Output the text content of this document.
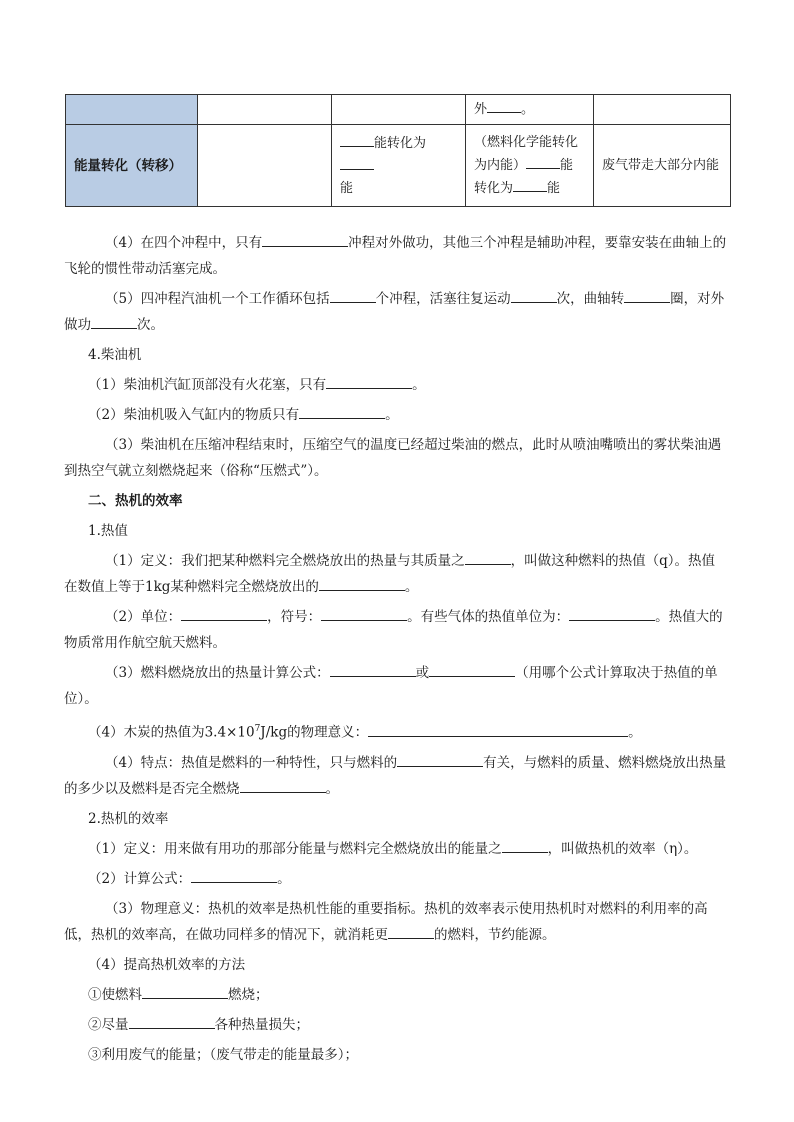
			外 。	
能量转化（转移）		能转化为
能	（燃料化学能转化为内能） 能转化为 能	废气带走大部分内能

（4）在四个冲程中，只有	冲程对外做功，其他三个冲程是辅助冲程，要靠安装在曲轴上的飞轮的惯性带动活塞完成。

（5）四冲程汽油机一个工作循环包括	个冲程，活塞往复运动	次，曲轴转	圈，对外做功	次。

4.柴油机

（1）柴油机汽缸顶部没有火花塞，只有	。

（2）柴油机吸入气缸内的物质只有	。

（3）柴油机在压缩冲程结束时，压缩空气的温度已经超过柴油的燃点，此时从喷油嘴喷出的雾状柴油遇到热空气就立刻燃烧起来（俗称“压燃式”）。

二、热机的效率

1.热值

（1）定义：我们把某种燃料完全燃烧放出的热量与其质量之	，叫做这种燃料的热值（q）。热值在数值上等于1kg某种燃料完全燃烧放出的	。

（2）单位：	，符号：	。有些气体的热值单位为：	。热值大的物质常用作航空航天燃料。

（3）燃料燃烧放出的热量计算公式：	或	（用哪个公式计算取决于热值的单位）。

（4）木炭的热值为$3.4\times 10^7J/kg$的物理意义：	。

（4）特点：热值是燃料的一种特性，只与燃料的	有关，与燃料的质量、燃料燃烧放出热量的多少以及燃料是否完全燃烧	。

2.热机的效率

（1）定义：用来做有用功的那部分能量与燃料完全燃烧放出的能量之	，叫做热机的效率（η）。

（2）计算公式：	。

（3）物理意义：热机的效率是热机性能的重要指标。热机的效率表示使用热机时对燃料的利用率的高低，热机的效率高，在做功同样多的情况下，就消耗更	的燃料，节约能源。

（4）提高热机效率的方法

①使燃料	燃烧；

②尽量	各种热量损失；

③利用废气的能量；（废气带走的能量最多）；
